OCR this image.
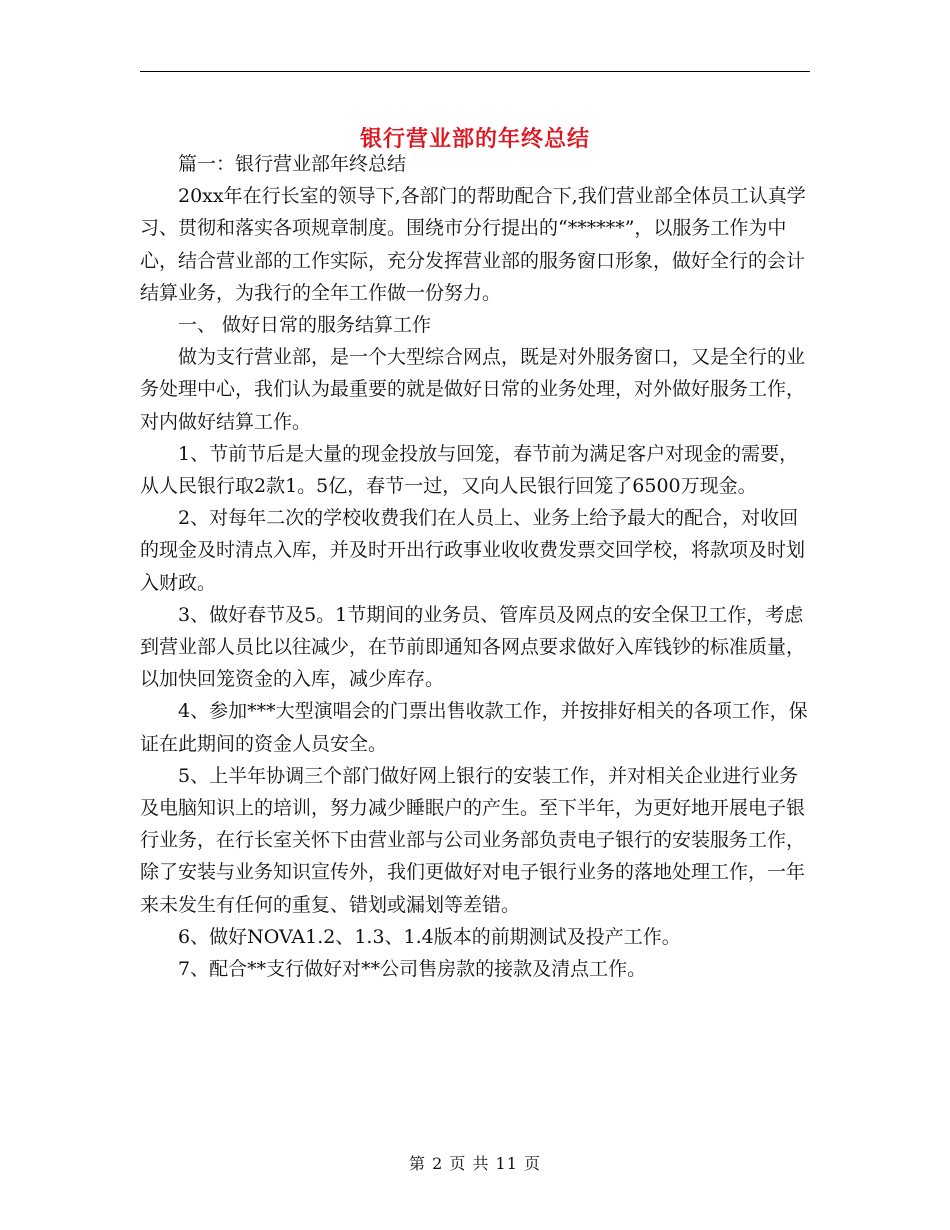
银行营业部的年终总结

篇一：银行营业部年终总结

20xx年在行长室的领导下,各部门的帮助配合下,我们营业部全体员工认真学习、贯彻和落实各项规章制度。围绕市分行提出的“******”，以服务工作为中心，结合营业部的工作实际，充分发挥营业部的服务窗口形象，做好全行的会计结算业务，为我行的全年工作做一份努力。

一、 做好日常的服务结算工作

做为支行营业部，是一个大型综合网点，既是对外服务窗口，又是全行的业务处理中心，我们认为最重要的就是做好日常的业务处理，对外做好服务工作，对内做好结算工作。

1、节前节后是大量的现金投放与回笼，春节前为满足客户对现金的需要，从人民银行取2款1。5亿，春节一过，又向人民银行回笼了6500万现金。

2、对每年二次的学校收费我们在人员上、业务上给予最大的配合，对收回的现金及时清点入库，并及时开出行政事业收收费发票交回学校，将款项及时划入财政。

3、做好春节及5。1节期间的业务员、管库员及网点的安全保卫工作，考虑到营业部人员比以往减少，在节前即通知各网点要求做好入库钱钞的标准质量，以加快回笼资金的入库，减少库存。

4、参加***大型演唱会的门票出售收款工作，并按排好相关的各项工作，保证在此期间的资金人员安全。

5、上半年协调三个部门做好网上银行的安装工作，并对相关企业进行业务及电脑知识上的培训，努力减少睡眠户的产生。至下半年，为更好地开展电子银行业务，在行长室关怀下由营业部与公司业务部负责电子银行的安装服务工作，除了安装与业务知识宣传外，我们更做好对电子银行业务的落地处理工作，一年来未发生有任何的重复、错划或漏划等差错。

6、做好NOVA1.2、1.3、1.4版本的前期测试及投产工作。

7、配合**支行做好对**公司售房款的接款及清点工作。

第 2 页 共 11 页
